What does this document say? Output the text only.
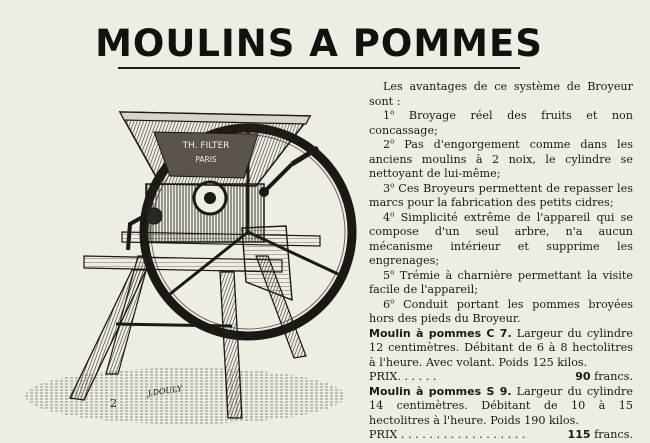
MOULINS A POMMES
TH. FILTER
PARIS
2
J.DOULY

Les avantages de ce système de Broyeur sont :

1$^o$ Broyage réel des fruits et non concassage;

2$^o$ Pas d'engorgement comme dans les anciens moulins à 2 noix, le cylindre se nettoyant de lui-même;

3$^o$ Ces Broyeurs permettent de repasser les marcs pour la fabrication des petits cidres;

4$^o$ Simplicité extrême de l'appareil qui se compose d'un seul arbre, n'a aucun mécanisme intérieur et supprime les engrenages;

5$^o$ Trémie à charnière permettant la visite facile de l'appareil;

6$^o$ Conduit portant les pommes broyées hors des pieds du Broyeur.

Moulin à pommes C 7. Largeur du cylindre 12 centimètres. Débitant de 6 à 8 hectolitres à l'heure. Avec volant. Poids 125 kilos.

PRIX. . . . . .	90 francs.

Moulin à pommes S 9. Largeur du cylindre 14 centimètres. Débitant de 10 à 15 hectolitres à l'heure. Poids 190 kilos.

PRIX . . . . . . . . . . . . . . . . . .	115 francs.
